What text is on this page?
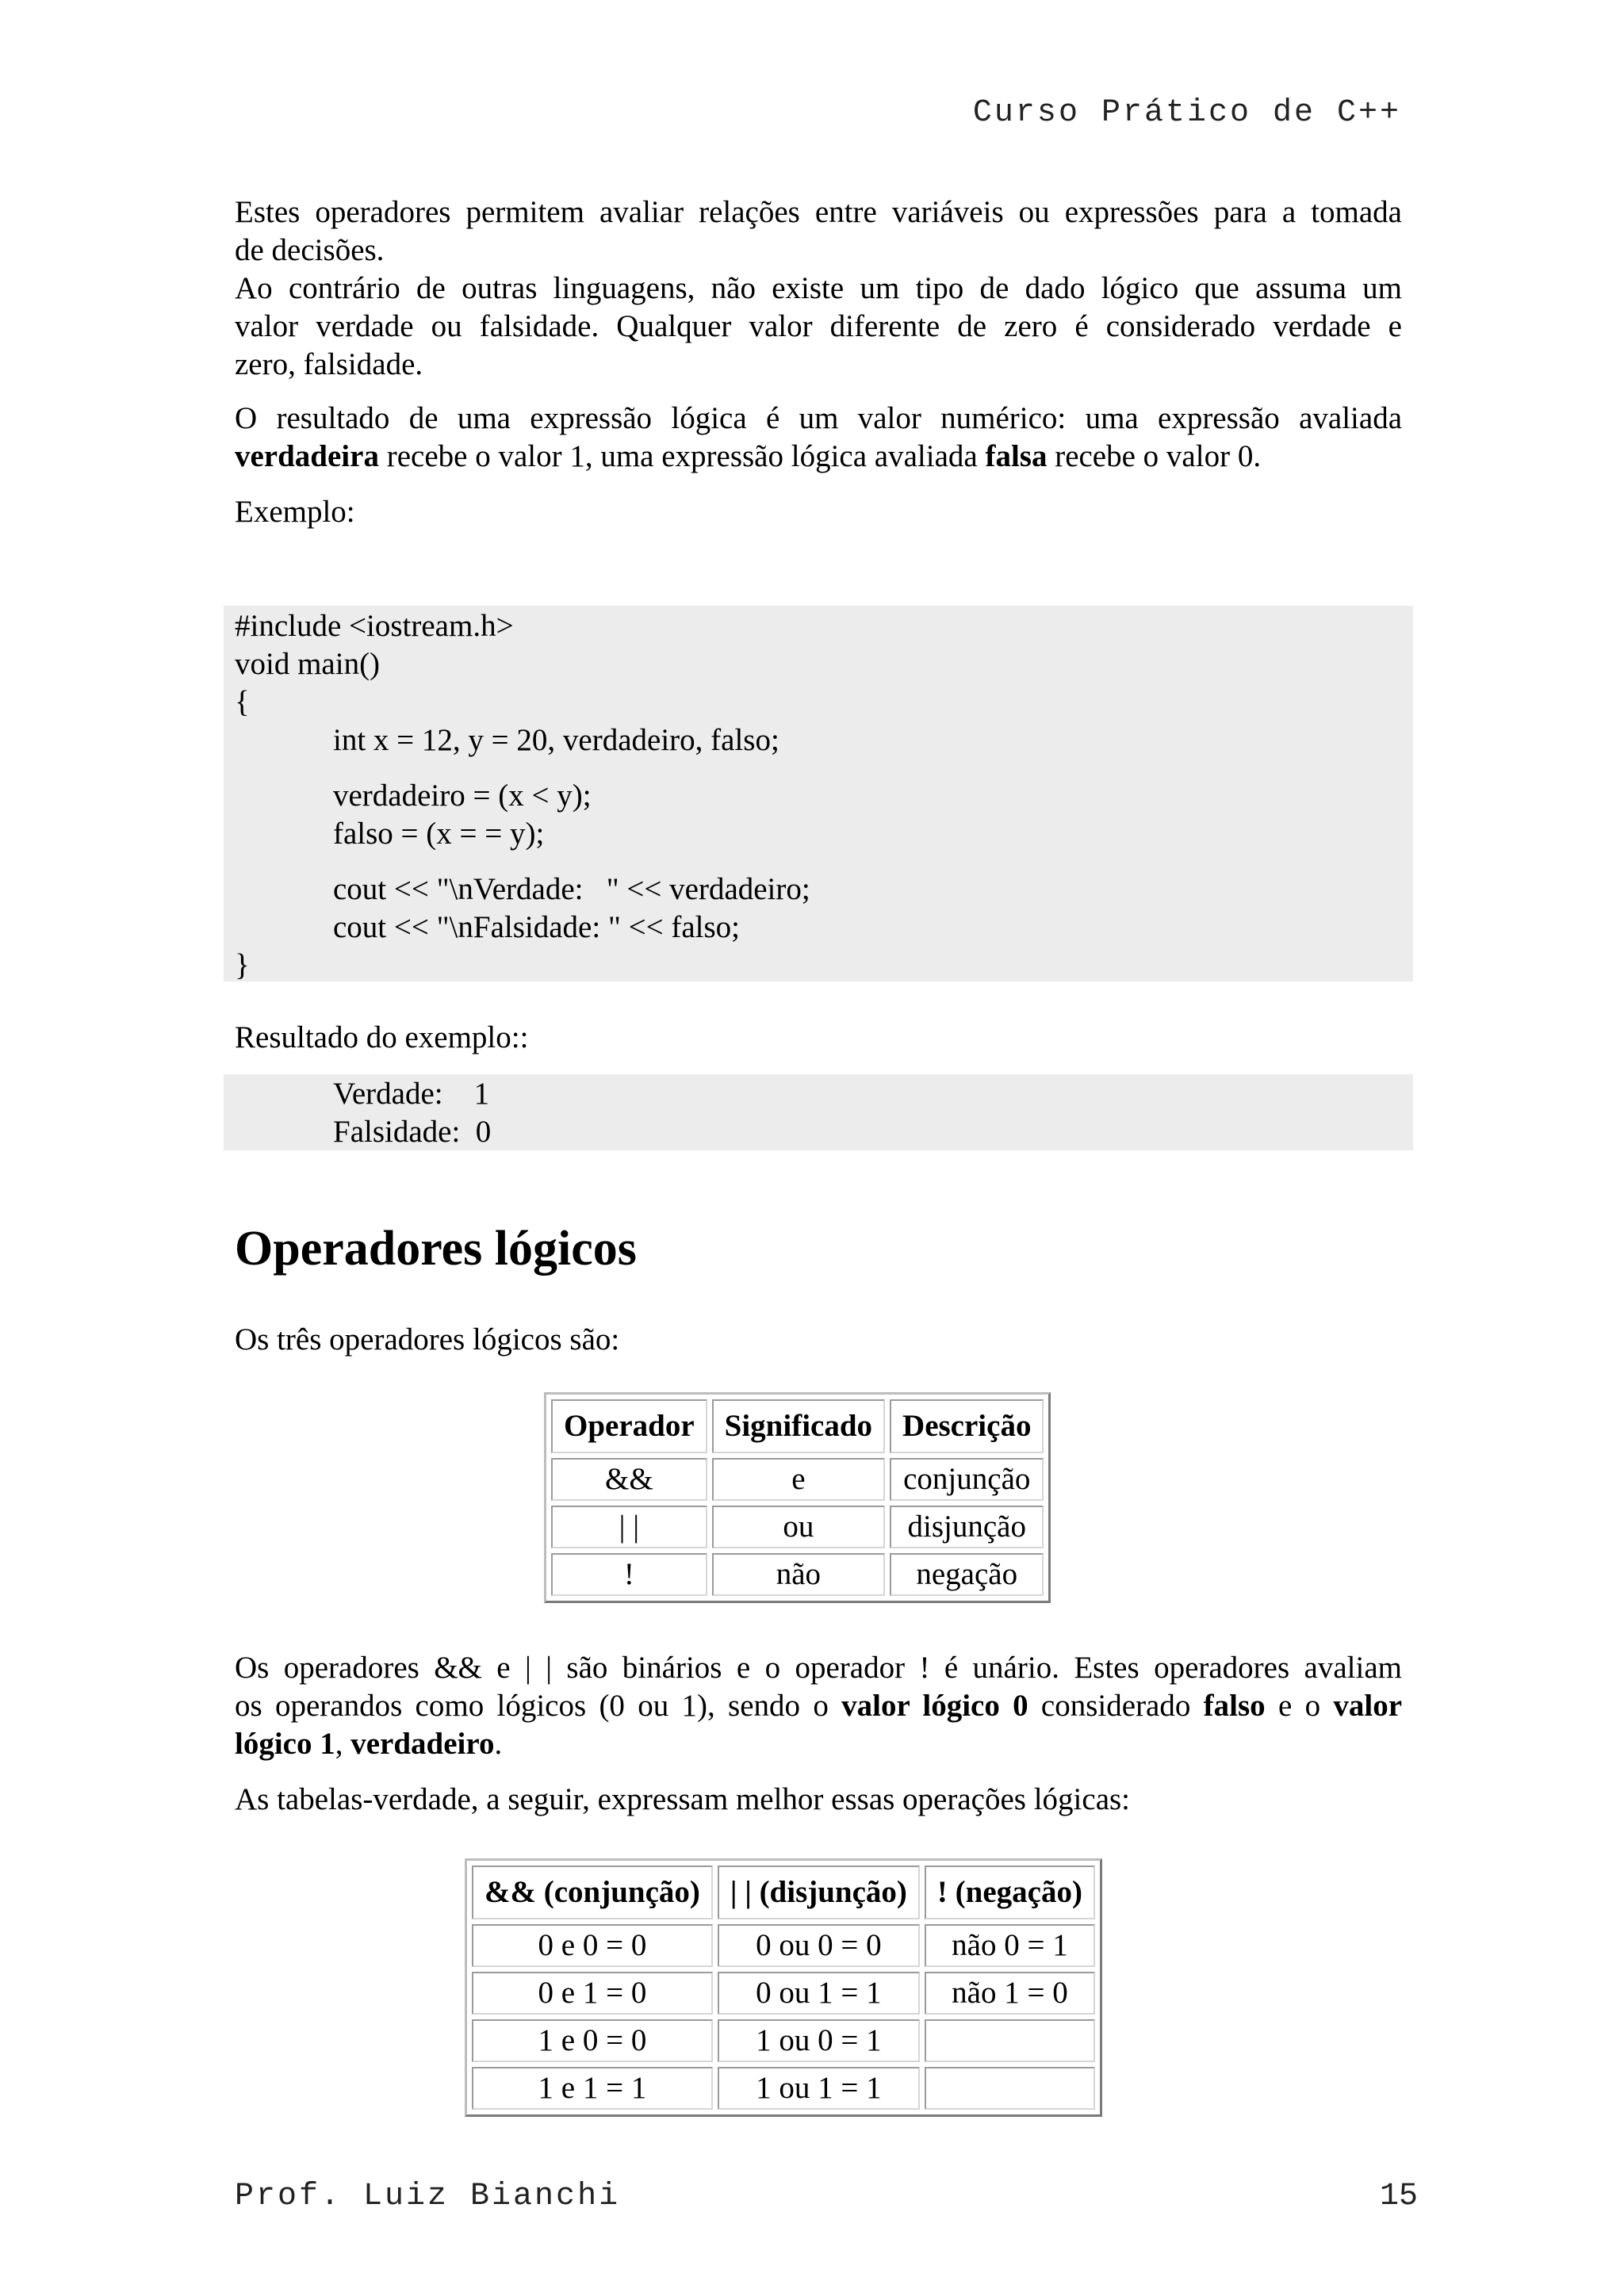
Curso Prático de C++
Estes operadores permitem avaliar relações entre variáveis ou expressões para a tomada
de decisões.
Ao contrário de outras linguagens, não existe um tipo de dado lógico que assuma um
valor verdade ou falsidade. Qualquer valor diferente de zero é considerado verdade e
zero, falsidade.
O resultado de uma expressão lógica é um valor numérico: uma expressão avaliada
verdadeira recebe o valor 1, uma expressão lógica avaliada falsa recebe o valor 0.
Exemplo:
#include <iostream.h>
void main()
{
int x = 12, y = 20, verdadeiro, falso;
verdadeiro = (x < y);
falso = (x = = y);
cout << "\nVerdade:   " << verdadeiro;
cout << "\nFalsidade: " << falso;
}
Resultado do exemplo::
Verdade:    1
Falsidade:  0
Operadores lógicos
Os três operadores lógicos são:
Operador	Significado	Descrição
&&	e	conjunção
| |	ou	disjunção
!	não	negação
Os operadores && e | | são binários e o operador ! é unário. Estes operadores avaliam
os operandos como lógicos (0 ou 1), sendo o valor lógico 0 considerado falso e o valor
lógico 1, verdadeiro.
As tabelas-verdade, a seguir, expressam melhor essas operações lógicas:
&& (conjunção)	| | (disjunção)	! (negação)
0 e 0 = 0	0 ou 0 = 0	não 0 = 1
0 e 1 = 0	0 ou 1 = 1	não 1 = 0
1 e 0 = 0	1 ou 0 = 1	
1 e 1 = 1	1 ou 1 = 1	
Prof. Luiz Bianchi	15
